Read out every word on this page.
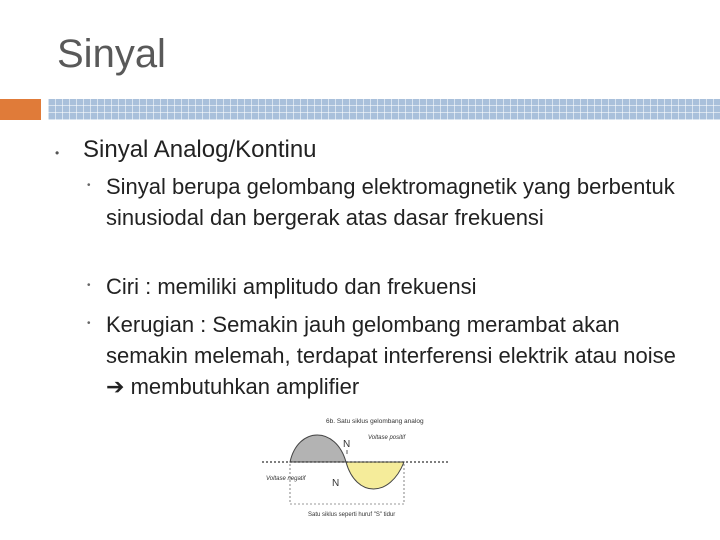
Sinyal
• Sinyal Analog/Kontinu
• Sinyal berupa gelombang elektromagnetik yang berbentuk sinusiodal dan bergerak atas dasar frekuensi
• Ciri : memiliki amplitudo dan frekuensi
• Kerugian : Semakin jauh gelombang merambat akan semakin melemah, terdapat interferensi elektrik atau noise ➔ membutuhkan amplifier
6b. Satu siklus gelombang analog
Voltase positif
N
N
Voltase negatif
Satu siklus seperti huruf "S" tidur
